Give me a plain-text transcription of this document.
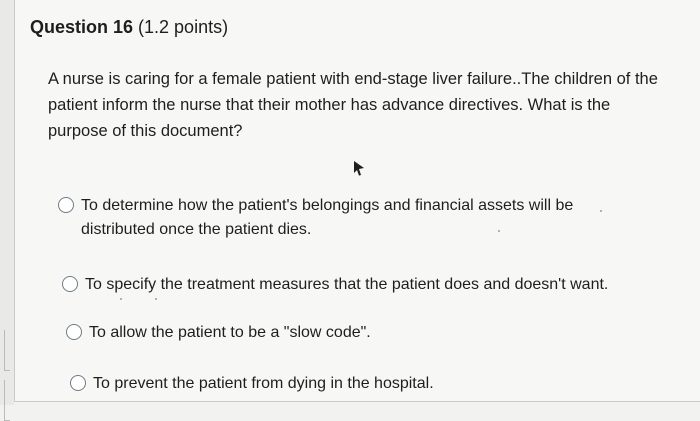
Question 16 (1.2 points)
A nurse is caring for a female patient with end-stage liver failure..The children of the patient inform the nurse that their mother has advance directives. What is the purpose of this document?
To determine how the patient's belongings and financial assets will be distributed once the patient dies.
To specify the treatment measures that the patient does and doesn't want.
To allow the patient to be a "slow code".
To prevent the patient from dying in the hospital.
